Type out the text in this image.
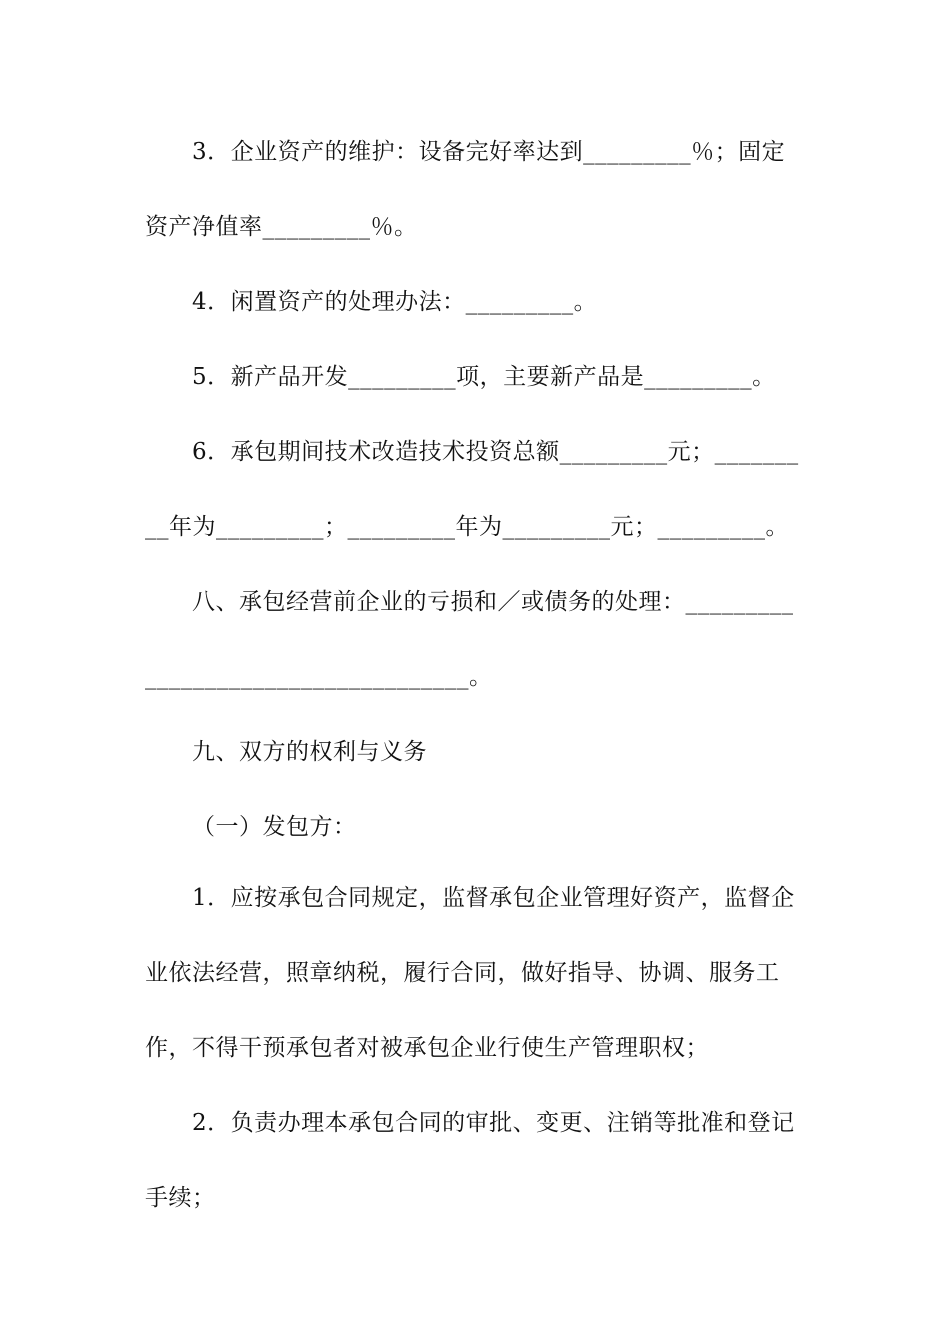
3．企业资产的维护：设备完好率达到_________％；固定
资产净值率_________％。
4．闲置资产的处理办法：_________。
5．新产品开发_________项，主要新产品是_________。
6．承包期间技术改造技术投资总额_________元；_______
__年为_________；_________年为_________元；_________。
八、承包经营前企业的亏损和／或债务的处理：_________
___________________________。
九、双方的权利与义务
（一）发包方：
1．应按承包合同规定，监督承包企业管理好资产，监督企
业依法经营，照章纳税，履行合同，做好指导、协调、服务工
作，不得干预承包者对被承包企业行使生产管理职权；
2．负责办理本承包合同的审批、变更、注销等批准和登记
手续；
